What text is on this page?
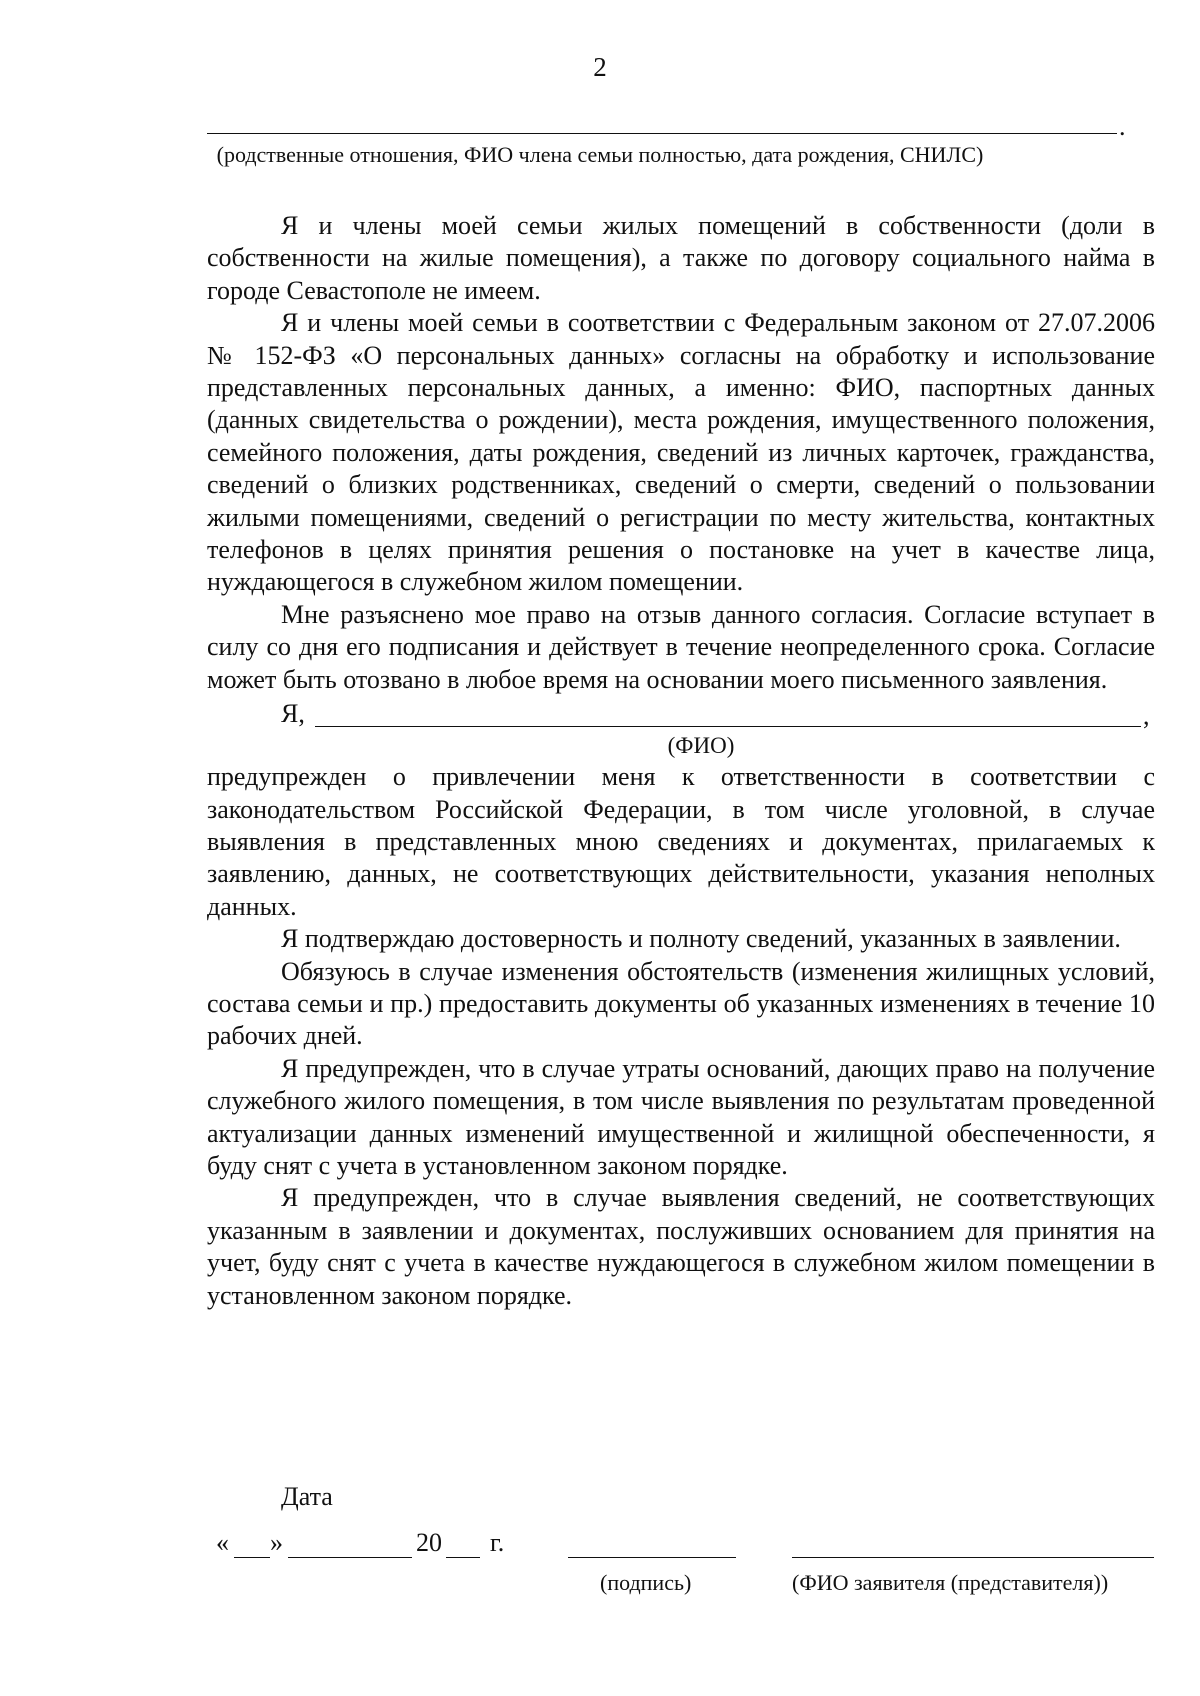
2
.
(родственные отношения, ФИО члена семьи полностью, дата рождения, СНИЛС)

Я и члены моей семьи жилых помещений в собственности (доли в собственности на жилые помещения), а также по договору социального найма в городе Севастополе не имеем.

Я и члены моей семьи в соответствии с Федеральным законом от 27.07.2006 № 152-ФЗ «О персональных данных» согласны на обработку и использование представленных персональных данных, а именно: ФИО, паспортных данных (данных свидетельства о рождении), места рождения, имущественного положения, семейного положения, даты рождения, сведений из личных карточек, гражданства, сведений о близких родственниках, сведений о смерти, сведений о пользовании жилыми помещениями, сведений о регистрации по месту жительства, контактных телефонов в целях принятия решения о постановке на учет в качестве лица, нуждающегося в служебном жилом помещении.

Мне разъяснено мое право на отзыв данного согласия. Согласие вступает в силу со дня его подписания и действует в течение неопределенного срока. Согласие может быть отозвано в любое время на основании моего письменного заявления.

Я,	,
(ФИО)

предупрежден о привлечении меня к ответственности в соответствии с законодательством Российской Федерации, в том числе уголовной, в случае выявления в представленных мною сведениях и документах, прилагаемых к заявлению, данных, не соответствующих действительности, указания неполных данных.

Я подтверждаю достоверность и полноту сведений, указанных в заявлении.

Обязуюсь в случае изменения обстоятельств (изменения жилищных условий, состава семьи и пр.) предоставить документы об указанных изменениях в течение 10 рабочих дней.

Я предупрежден, что в случае утраты оснований, дающих право на получение служебного жилого помещения, в том числе выявления по результатам проведенной актуализации данных изменений имущественной и жилищной обеспеченности, я буду снят с учета в установленном законом порядке.

Я предупрежден, что в случае выявления сведений, не соответствующих указанным в заявлении и документах, послуживших основанием для принятия на учет, буду снят с учета в качестве нуждающегося в служебном жилом помещении в установленном законом порядке.

Дата
« »	20 г.
(подпись)	(ФИО заявителя (представителя))
